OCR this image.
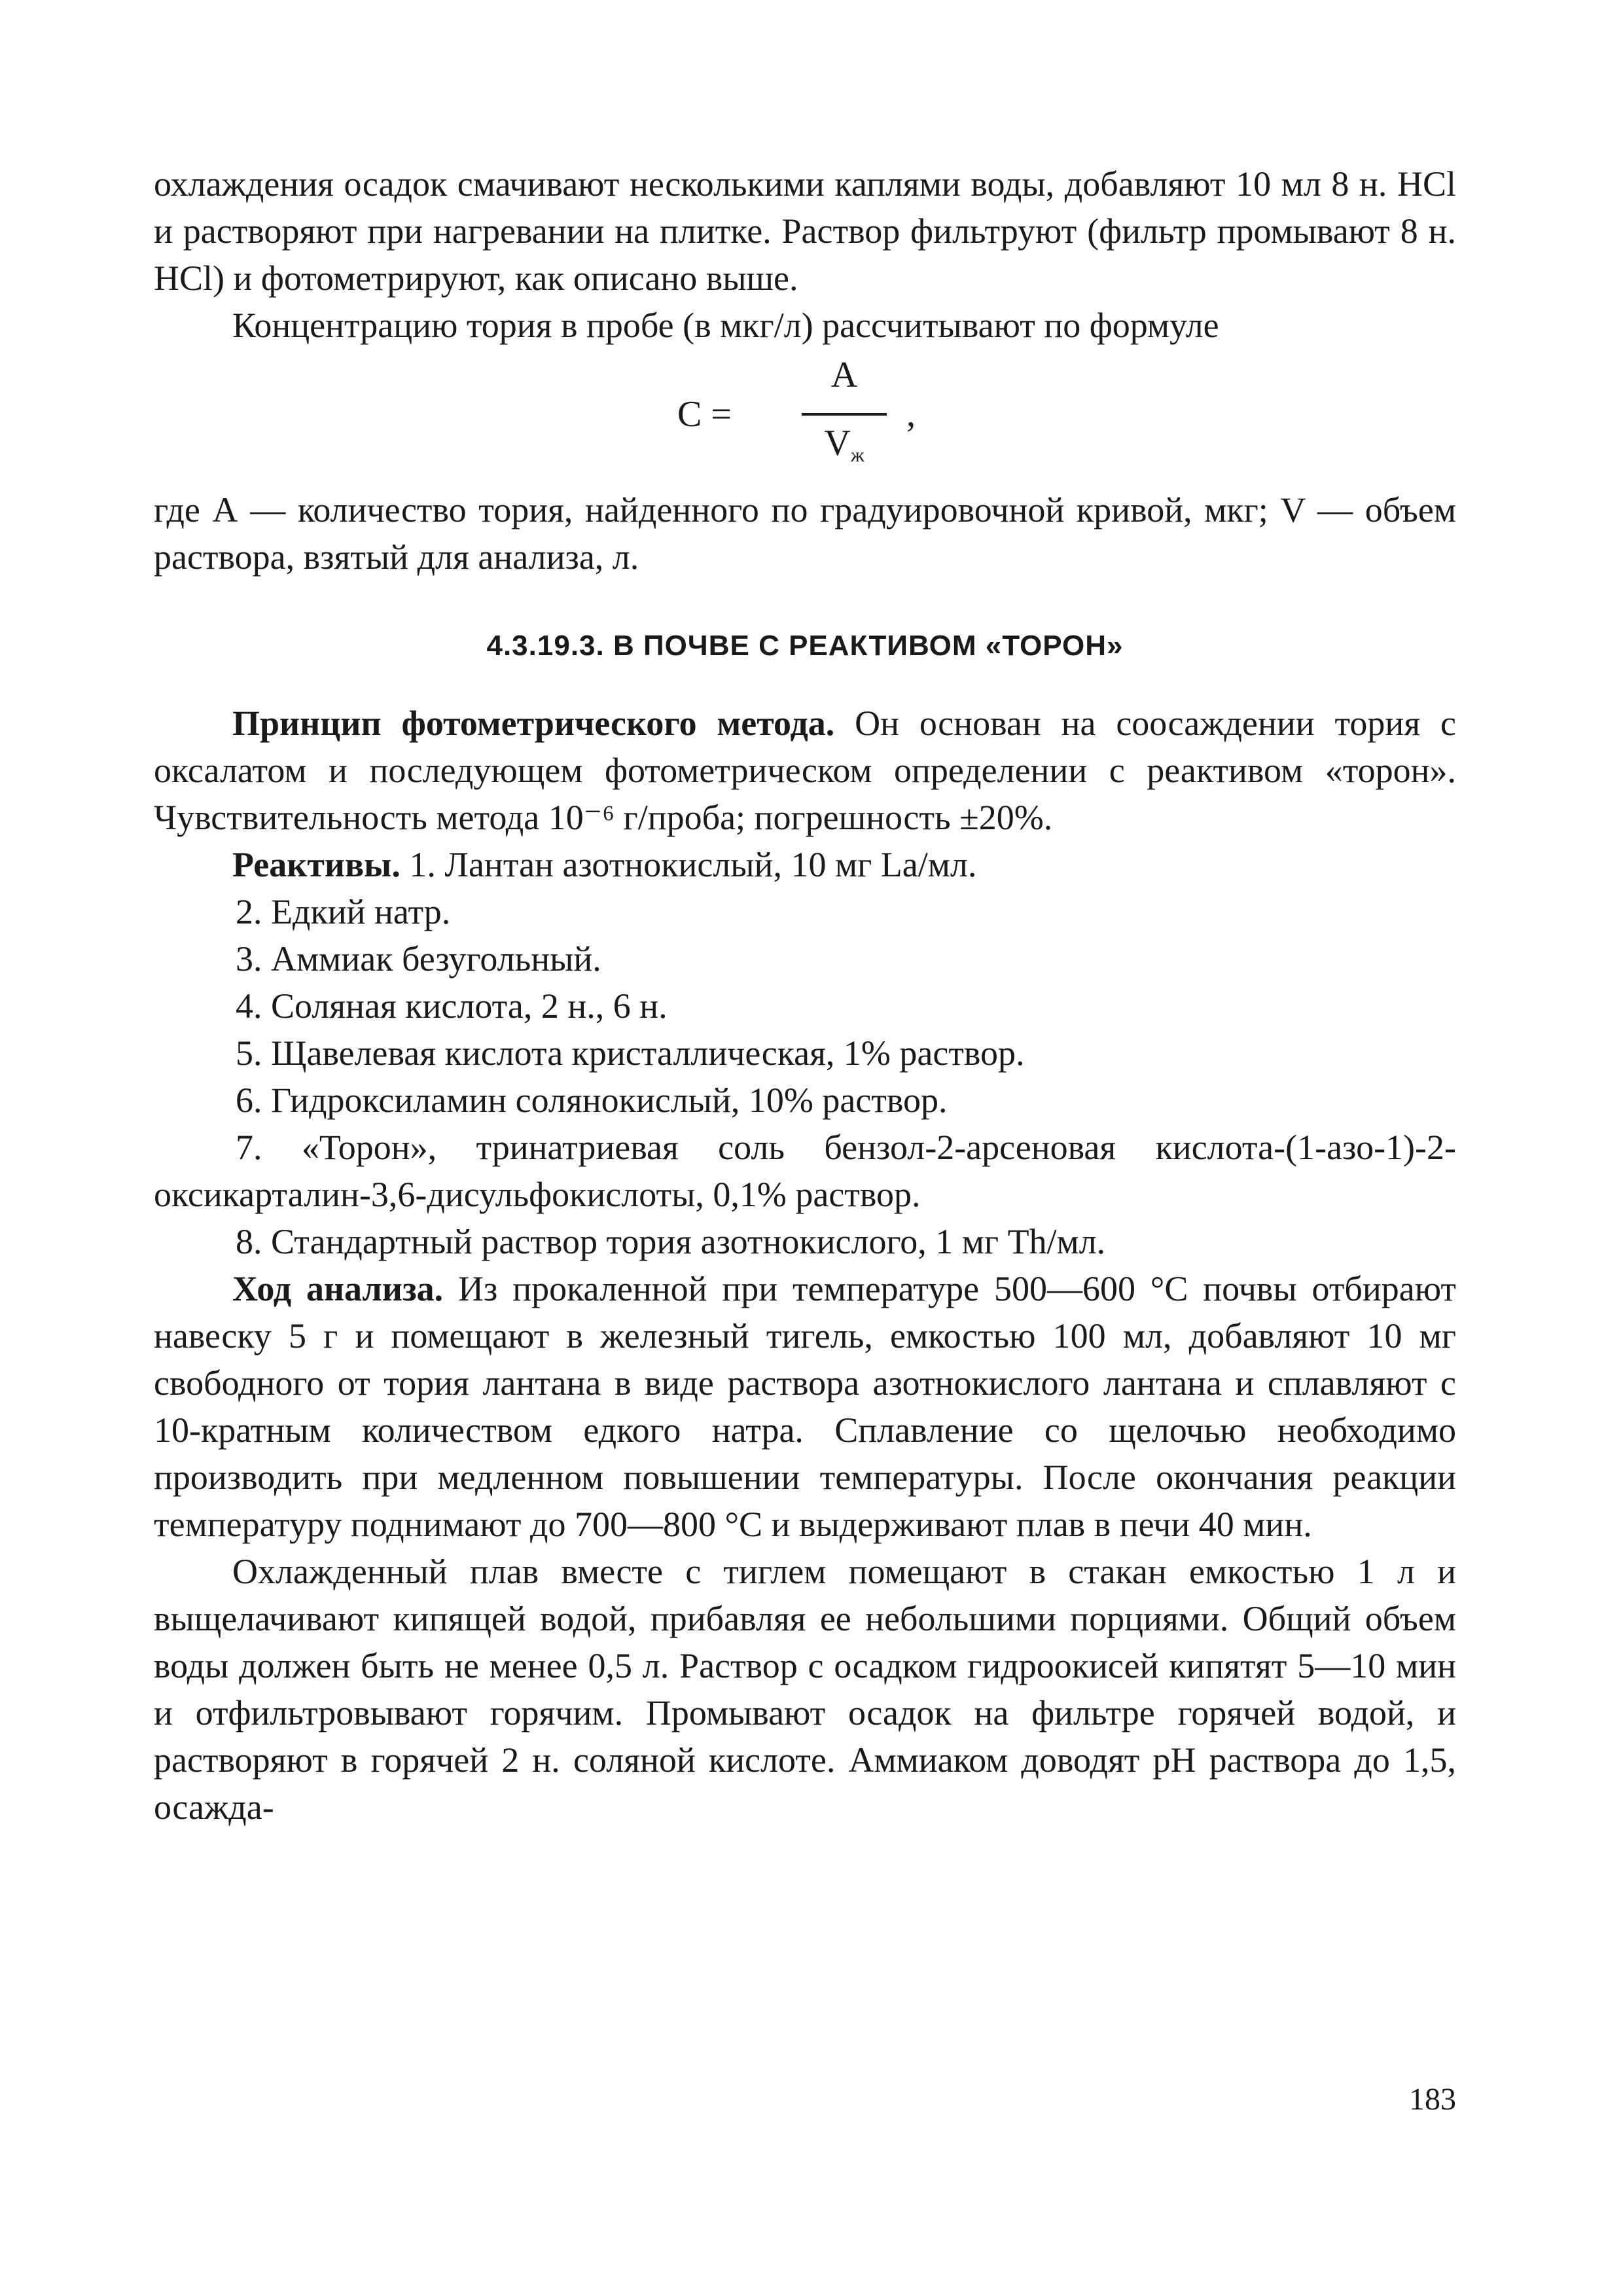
охлаждения осадок смачивают несколькими каплями воды, добавляют 10 мл 8 н. HCl и растворяют при нагревании на плитке. Раствор фильтруют (фильтр промывают 8 н. HCl) и фотометрируют, как описано выше.

Концентрацию тория в пробе (в мкг/л) рассчитывают по формуле

C =
A
$V_ж$
,

где А — количество тория, найденного по градуировочной кривой, мкг; V — объем раствора, взятый для анализа, л.

4.3.19.3. В ПОЧВЕ С РЕАКТИВОМ «ТОРОН»

Принцип фотометрического метода. Он основан на соосаждении тория с оксалатом и последующем фотометрическом определении с реактивом «торон». Чувствительность метода 10⁻⁶ г/проба; погрешность ±20%.

Реактивы. 1. Лантан азотнокислый, 10 мг La/мл.

2. Едкий натр.

3. Аммиак безугольный.

4. Соляная кислота, 2 н., 6 н.

5. Щавелевая кислота кристаллическая, 1% раствор.

6. Гидроксиламин солянокислый, 10% раствор.

7. «Торон», тринатриевая соль бензол-2-арсеновая кислота-(1-азо-1)-2-оксикарталин-3,6-дисульфокислоты, 0,1% раствор.

8. Стандартный раствор тория азотнокислого, 1 мг Th/мл.

Ход анализа. Из прокаленной при температуре 500—600 °С почвы отбирают навеску 5 г и помещают в железный тигель, емкостью 100 мл, добавляют 10 мг свободного от тория лантана в виде раствора азотнокислого лантана и сплавляют с 10-кратным количеством едкого натра. Сплавление со щелочью необходимо производить при медленном повышении температуры. После окончания реакции температуру поднимают до 700—800 °С и выдерживают плав в печи 40 мин.

Охлажденный плав вместе с тиглем помещают в стакан емкостью 1 л и выщелачивают кипящей водой, прибавляя ее небольшими порциями. Общий объем воды должен быть не менее 0,5 л. Раствор с осадком гидроокисей кипятят 5—10 мин и отфильтровывают горячим. Промывают осадок на фильтре горячей водой, и растворяют в горячей 2 н. соляной кислоте. Аммиаком доводят pH раствора до 1,5, осажда-

183
